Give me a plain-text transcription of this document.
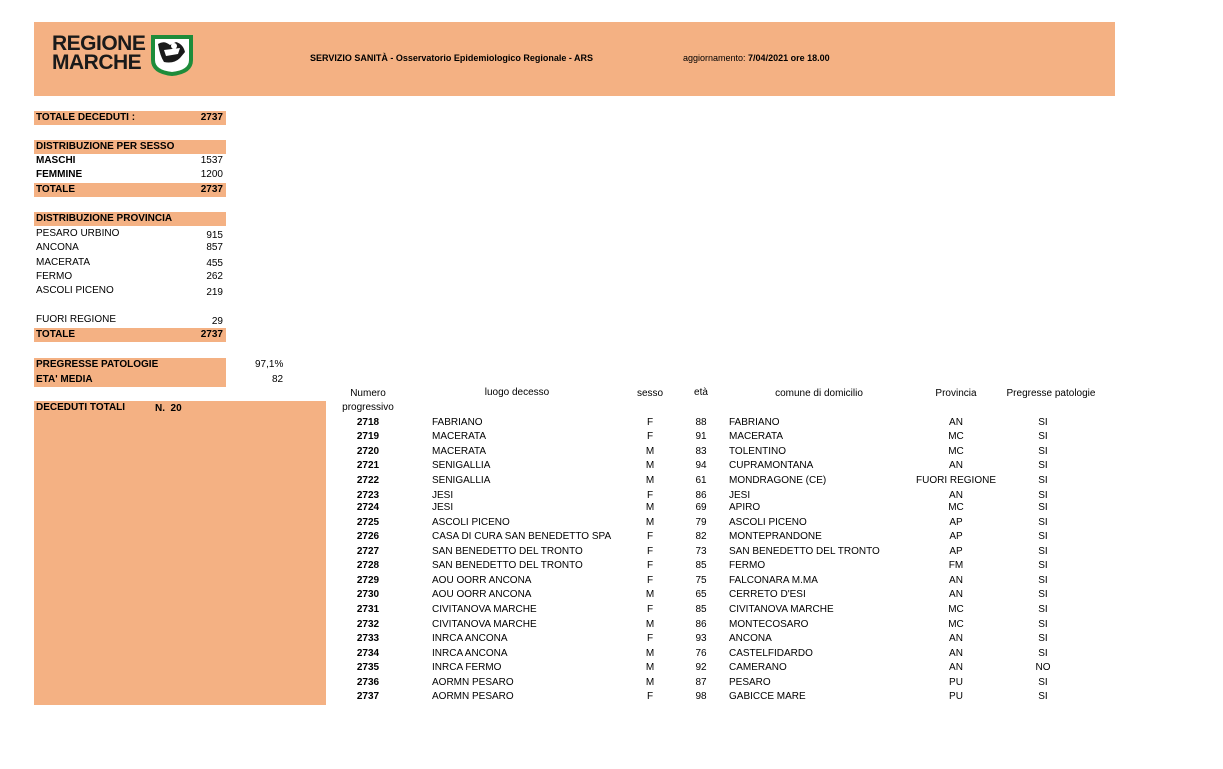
REGIONE
MARCHE	SERVIZIO SANITÀ - Osservatorio Epidemiologico Regionale - ARS	aggiornamento: 7/04/2021 ore 18.00
TOTALE DECEDUTI :	2737
DISTRIBUZIONE PER SESSO
MASCHI	1537
FEMMINE	1200
TOTALE	2737
DISTRIBUZIONE PROVINCIA
PESARO URBINO	915
ANCONA	857
MACERATA	455
FERMO	262
ASCOLI PICENO	219
FUORI REGIONE	29
TOTALE	2737
PREGRESSE PATOLOGIE	97,1%
ETA' MEDIA	82
DECEDUTI TOTALI	N.  20
Numero
progressivo
luogo decesso	sesso	età	comune di domicilio	Provincia	Pregresse patologie
2718	FABRIANO	F	88	FABRIANO	AN	SI
2719	MACERATA	F	91	MACERATA	MC	SI
2720	MACERATA	M	83	TOLENTINO	MC	SI
2721	SENIGALLIA	M	94	CUPRAMONTANA	AN	SI
2722	SENIGALLIA	M	61	MONDRAGONE (CE)	FUORI REGIONE	SI
2723	JESI	F	86	JESI	AN	SI
2724	JESI	M	69	APIRO	MC	SI
2725	ASCOLI PICENO	M	79	ASCOLI PICENO	AP	SI
2726	CASA DI CURA SAN BENEDETTO SPA	F	82	MONTEPRANDONE	AP	SI
2727	SAN BENEDETTO DEL TRONTO	F	73	SAN BENEDETTO DEL TRONTO	AP	SI
2728	SAN BENEDETTO DEL TRONTO	F	85	FERMO	FM	SI
2729	AOU OORR ANCONA	F	75	FALCONARA M.MA	AN	SI
2730	AOU OORR ANCONA	M	65	CERRETO D'ESI	AN	SI
2731	CIVITANOVA MARCHE	F	85	CIVITANOVA MARCHE	MC	SI
2732	CIVITANOVA MARCHE	M	86	MONTECOSARO	MC	SI
2733	INRCA ANCONA	F	93	ANCONA	AN	SI
2734	INRCA ANCONA	M	76	CASTELFIDARDO	AN	SI
2735	INRCA FERMO	M	92	CAMERANO	AN	NO
2736	AORMN PESARO	M	87	PESARO	PU	SI
2737	AORMN PESARO	F	98	GABICCE MARE	PU	SI
